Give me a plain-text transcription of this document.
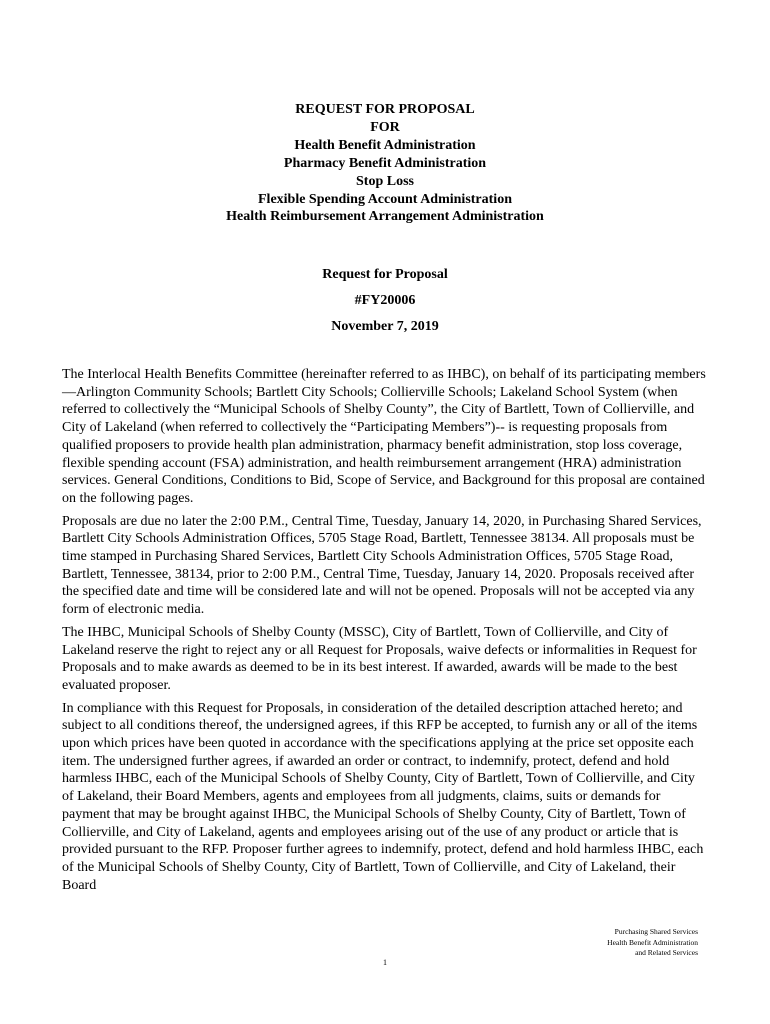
REQUEST FOR PROPOSAL
FOR
Health Benefit Administration
Pharmacy Benefit Administration
Stop Loss
Flexible Spending Account Administration
Health Reimbursement Arrangement Administration
Request for Proposal
#FY20006
November 7, 2019

The Interlocal Health Benefits Committee (hereinafter referred to as IHBC), on behalf of its participating members—Arlington Community Schools; Bartlett City Schools; Collierville Schools; Lakeland School System (when referred to collectively the “Municipal Schools of Shelby County”, the City of Bartlett, Town of Collierville, and City of Lakeland (when referred to collectively the “Participating Members”)-- is requesting proposals from qualified proposers to provide health plan administration, pharmacy benefit administration, stop loss coverage, flexible spending account (FSA) administration, and health reimbursement arrangement (HRA) administration services. General Conditions, Conditions to Bid, Scope of Service, and Background for this proposal are contained on the following pages.

Proposals are due no later the 2:00 P.M., Central Time, Tuesday, January 14, 2020, in Purchasing Shared Services, Bartlett City Schools Administration Offices, 5705 Stage Road, Bartlett, Tennessee 38134. All proposals must be time stamped in Purchasing Shared Services, Bartlett City Schools Administration Offices, 5705 Stage Road, Bartlett, Tennessee, 38134, prior to 2:00 P.M., Central Time, Tuesday, January 14, 2020. Proposals received after the specified date and time will be considered late and will not be opened. Proposals will not be accepted via any form of electronic media.

The IHBC, Municipal Schools of Shelby County (MSSC), City of Bartlett, Town of Collierville, and City of Lakeland reserve the right to reject any or all Request for Proposals, waive defects or informalities in Request for Proposals and to make awards as deemed to be in its best interest. If awarded, awards will be made to the best evaluated proposer.

In compliance with this Request for Proposals, in consideration of the detailed description attached hereto; and subject to all conditions thereof, the undersigned agrees, if this RFP be accepted, to furnish any or all of the items upon which prices have been quoted in accordance with the specifications applying at the price set opposite each item. The undersigned further agrees, if awarded an order or contract, to indemnify, protect, defend and hold harmless IHBC, each of the Municipal Schools of Shelby County, City of Bartlett, Town of Collierville, and City of Lakeland, their Board Members, agents and employees from all judgments, claims, suits or demands for payment that may be brought against IHBC, the Municipal Schools of Shelby County, City of Bartlett, Town of Collierville, and City of Lakeland, agents and employees arising out of the use of any product or article that is provided pursuant to the RFP. Proposer further agrees to indemnify, protect, defend and hold harmless IHBC, each of the Municipal Schools of Shelby County, City of Bartlett, Town of Collierville, and City of Lakeland, their Board

Purchasing Shared Services
Health Benefit Administration
and Related Services
1
